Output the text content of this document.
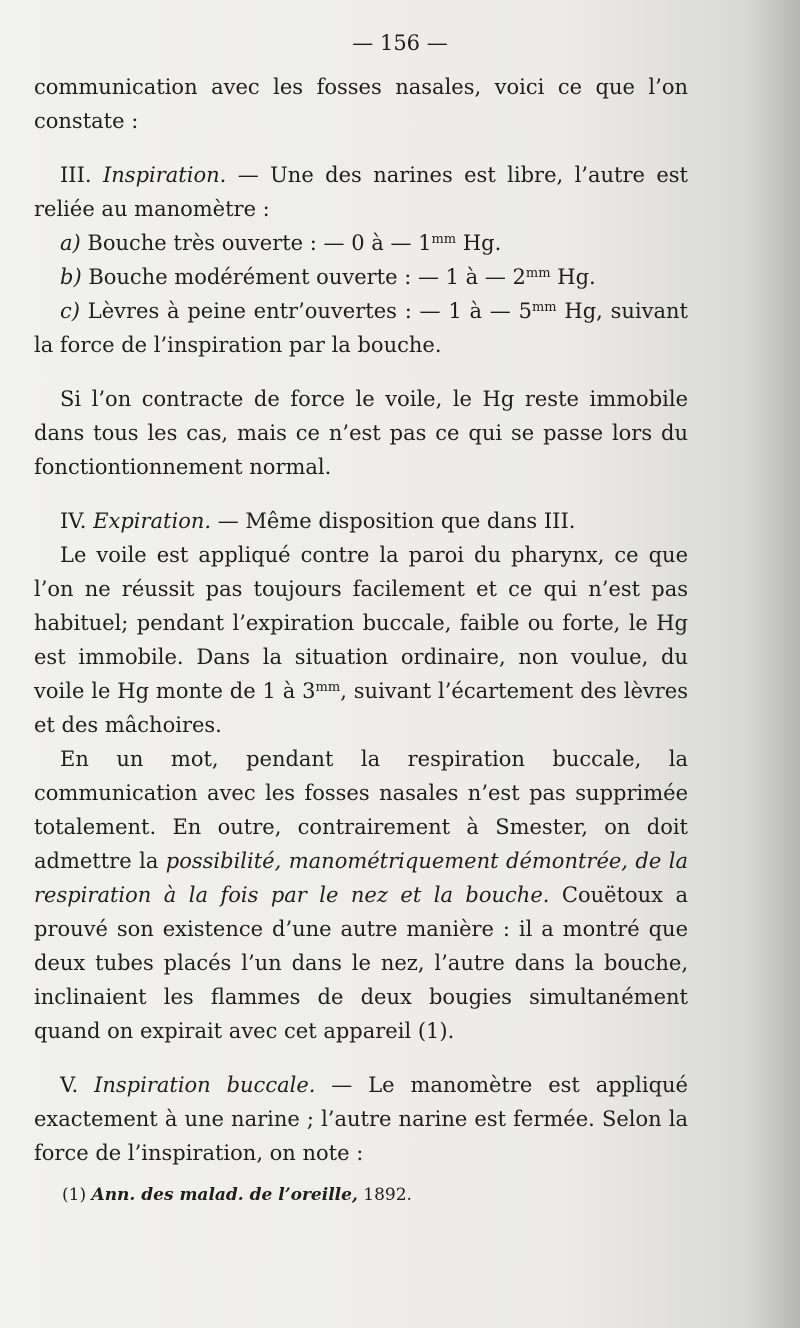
— 156 —

communication avec les fosses nasales, voici ce que l’on constate :

III. Inspiration. — Une des narines est libre, l’autre est reliée au manomètre :

a) Bouche très ouverte : — 0 à — $1^{mm}$ Hg.

b) Bouche modérément ouverte : — 1 à — $2^{mm}$ Hg.

c) Lèvres à peine entr’ouvertes : — 1 à — $5^{mm}$ Hg, suivant la force de l’inspiration par la bouche.

Si l’on contracte de force le voile, le Hg reste immobile dans tous les cas, mais ce n’est pas ce qui se passe lors du fonctiontionnement normal.

IV. Expiration. — Même disposition que dans III.

Le voile est appliqué contre la paroi du pharynx, ce que l’on ne réussit pas toujours facilement et ce qui n’est pas habituel; pendant l’expiration buccale, faible ou forte, le Hg est immobile. Dans la situation ordinaire, non voulue, du voile le Hg monte de 1 à $3^{mm}$, suivant l’écartement des lèvres et des mâchoires.

En un mot, pendant la respiration buccale, la communication avec les fosses nasales n’est pas supprimée totalement. En outre, contrairement à Smester, on doit admettre la possibilité, manométriquement démontrée, de la respiration à la fois par le nez et la bouche. Couëtoux a prouvé son existence d’une autre manière : il a montré que deux tubes placés l’un dans le nez, l’autre dans la bouche, inclinaient les flammes de deux bougies simultanément quand on expirait avec cet appareil (1).

V. Inspiration buccale. — Le manomètre est appliqué exactement à une narine ; l’autre narine est fermée. Selon la force de l’inspiration, on note :

(1) Ann. des malad. de l’oreille, 1892.
